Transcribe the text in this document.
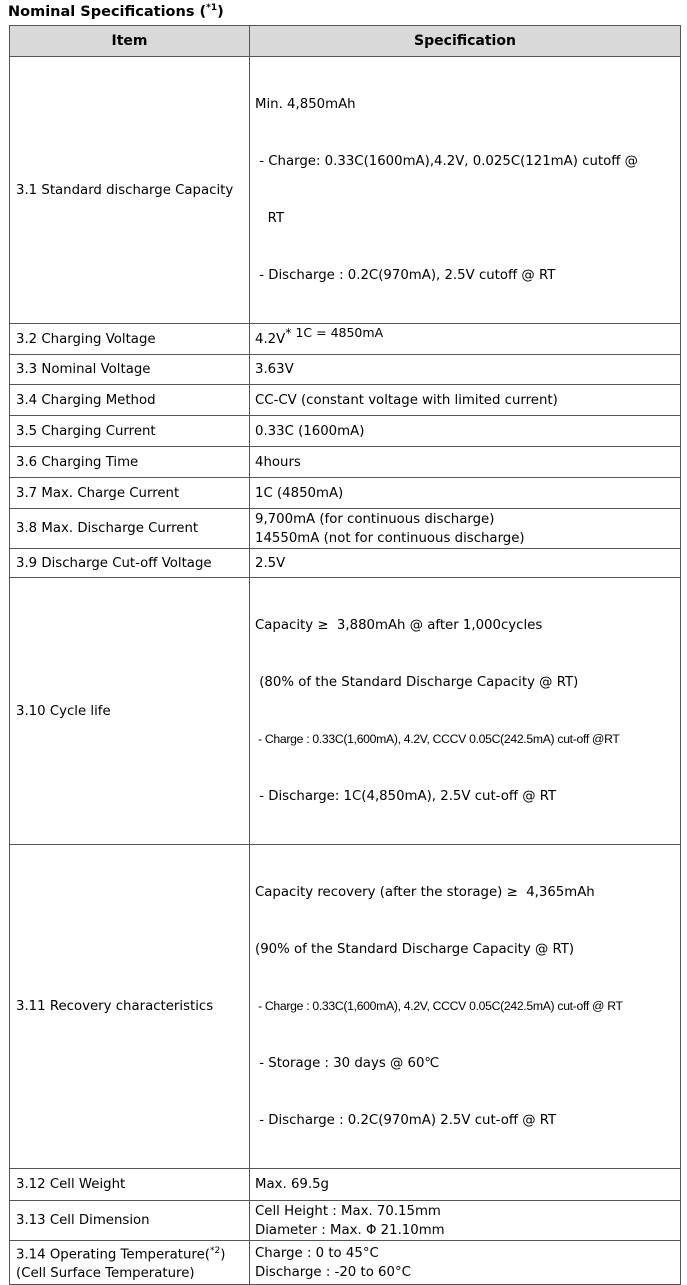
Nominal Specifications ($^{*1}$)
Item	Specification
3.1 Standard discharge Capacity	Min. 4,850mAh

- Charge: 0.33C(1600mA),4.2V, 0.025C(121mA) cutoff @

RT

- Discharge : 0.2C(970mA), 2.5V cutoff @ RT

3.2 Charging Voltage	4.2V* 1C = 4850mA
3.3 Nominal Voltage	3.63V
3.4 Charging Method	CC-CV (constant voltage with limited current)
3.5 Charging Current	0.33C (1600mA)
3.6 Charging Time	4hours
3.7 Max. Charge Current	1C (4850mA)
3.8 Max. Discharge Current	9,700mA (for continuous discharge)
14550mA (not for continuous discharge)

3.9 Discharge Cut-off Voltage	2.5V
3.10 Cycle life	Capacity ≥  3,880mAh @ after 1,000cycles

(80% of the Standard Discharge Capacity @ RT)

- Charge : 0.33C(1,600mA), 4.2V, CCCV 0.05C(242.5mA) cut-off @RT

- Discharge: 1C(4,850mA), 2.5V cut-off @ RT

3.11 Recovery characteristics	Capacity recovery (after the storage) ≥  4,365mAh

(90% of the Standard Discharge Capacity @ RT)

- Charge : 0.33C(1,600mA), 4.2V, CCCV 0.05C(242.5mA) cut-off @ RT

- Storage : 30 days @ 60℃

- Discharge : 0.2C(970mA) 2.5V cut-off @ RT

3.12 Cell Weight	Max. 69.5g
3.13 Cell Dimension	Cell Height : Max. 70.15mm
Diameter : Max. Φ 21.10mm

3.14 Operating Temperature($^{*2}$)
(Cell Surface Temperature)	Charge : 0 to 45°C
Discharge : -20 to 60°C
